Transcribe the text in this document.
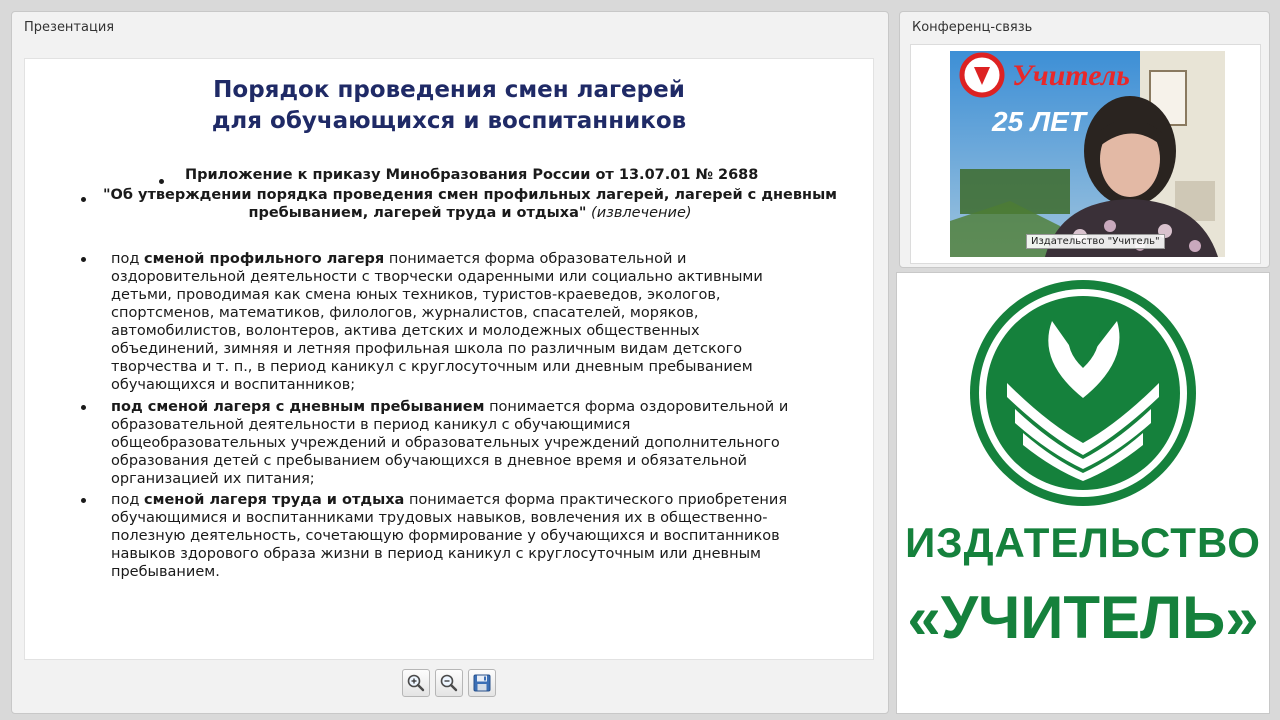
Презентация
Порядок проведения смен лагерей
для обучающихся и воспитанников
Приложение к приказу Минобразования России от 13.07.01 № 2688
"Об утверждении порядка проведения смен профильных лагерей, лагерей с дневным
пребыванием, лагерей труда и отдыха" (извлечение)
под сменой профильного лагеря понимается форма образовательной и
оздоровительной деятельности с творчески одаренными или социально активными
детьми, проводимая как смена юных техников, туристов-краеведов, экологов,
спортсменов, математиков, филологов, журналистов, спасателей, моряков,
автомобилистов, волонтеров, актива детских и молодежных общественных
объединений, зимняя и летняя профильная школа по различным видам детского
творчества и т. п., в период каникул с круглосуточным или дневным пребыванием
обучающихся и воспитанников;
под сменой лагеря с дневным пребыванием понимается форма оздоровительной и
образовательной деятельности в период каникул с обучающимися
общеобразовательных учреждений и образовательных учреждений дополнительного
образования детей с пребыванием обучающихся в дневное время и обязательной
организацией их питания;
под сменой лагеря труда и отдыха понимается форма практического приобретения
обучающимися и воспитанниками трудовых навыков, вовлечения их в общественно-
полезную деятельность, сочетающую формирование у обучающихся и воспитанников
навыков здорового образа жизни в период каникул с круглосуточным или дневным
пребыванием.
Конференц-связь
Учитель
25 ЛЕТ
Издательство "Учитель"
ИЗДАТЕЛЬСТВО
«УЧИТЕЛЬ»
